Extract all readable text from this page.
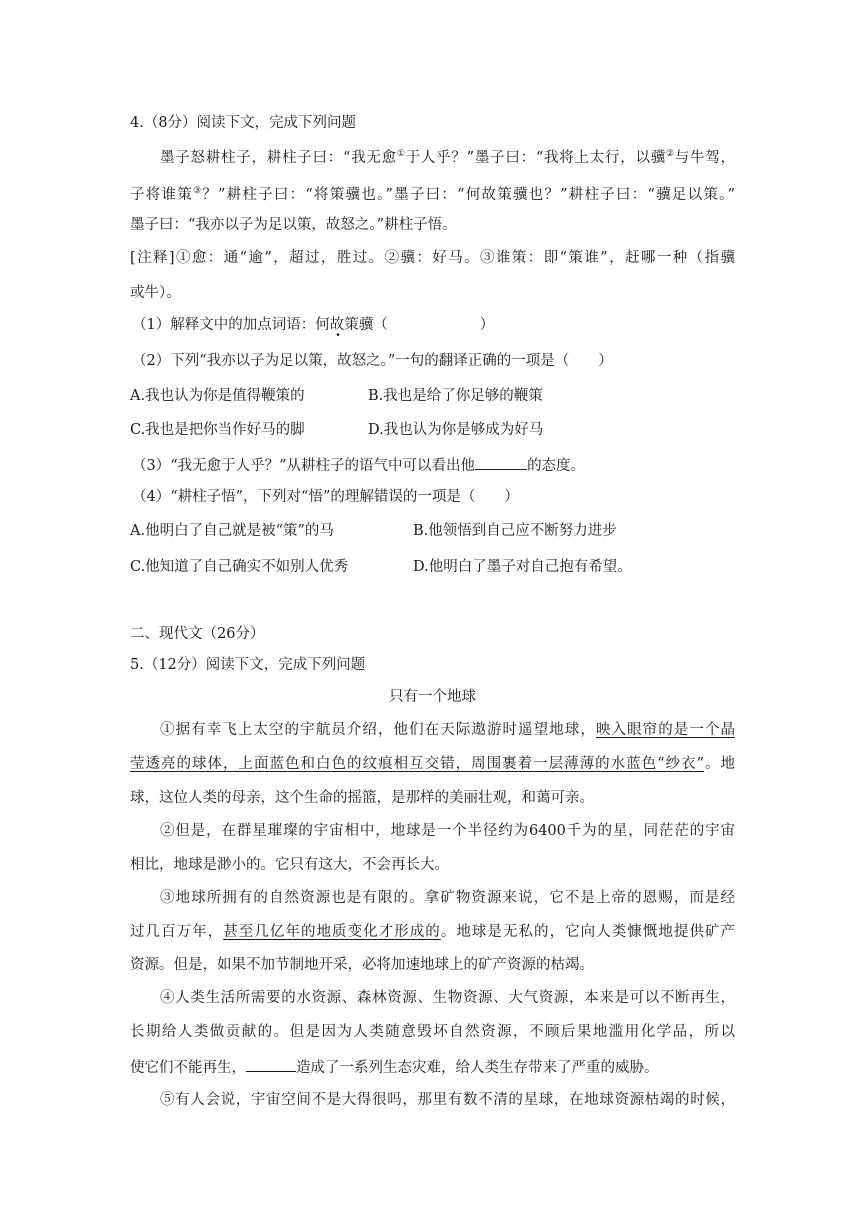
4.（8分）阅读下文，完成下列问题
墨子怒耕柱子，耕柱子曰：“我无愈①于人乎？”墨子曰：“我将上太行，以骥②与牛驾，
子将谁策③？”耕柱子曰：“将策骥也。”墨子曰：“何故策骥也？”耕柱子曰：“骥足以策。”
墨子曰：“我亦以子为足以策，故怒之。”耕柱子悟。
[注释]①愈：通“逾”，超过，胜过。②骥：好马。③谁策：即“策谁”，赶哪一种（指骥
或牛）。
（1）解释文中的加点词语：何故策骥（	）
（2）下列“我亦以子为足以策，故怒之。”一句的翻译正确的一项是（　　）
A.我也认为你是值得鞭策的	B.我也是给了你足够的鞭策
C.我也是把你当作好马的脚	D.我也认为你是够成为好马
（3）“我无愈于人乎？”从耕柱子的语气中可以看出他	的态度。
（4）“耕柱子悟”，下列对“悟”的理解错误的一项是（　　）
A.他明白了自己就是被“策”的马	B.他领悟到自己应不断努力进步
C.他知道了自己确实不如别人优秀	D.他明白了墨子对自己抱有希望。
二、现代文（26分）
5.（12分）阅读下文，完成下列问题
只有一个地球
①据有幸飞上太空的宇航员介绍，他们在天际遨游时遥望地球，映入眼帘的是一个晶
莹透亮的球体，上面蓝色和白色的纹痕相互交错，周围裹着一层薄薄的水蓝色“纱衣”。地
球，这位人类的母亲，这个生命的摇篮，是那样的美丽壮观，和蔼可亲。
②但是，在群星璀璨的宇宙相中，地球是一个半径约为6400千为的星，同茫茫的宇宙
相比，地球是渺小的。它只有这大，不会再长大。
③地球所拥有的自然资源也是有限的。拿矿物资源来说，它不是上帝的恩赐，而是经
过几百万年，甚至几亿年的地质变化才形成的。地球是无私的，它向人类慷慨地提供矿产
资源。但是，如果不加节制地开采，必将加速地球上的矿产资源的枯竭。
④人类生活所需要的水资源、森林资源、生物资源、大气资源，本来是可以不断再生，
长期给人类做贡献的。但是因为人类随意毁坏自然资源，不顾后果地滥用化学品，所以
使它们不能再生，	造成了一系列生态灾难，给人类生存带来了严重的威胁。
⑤有人会说，宇宙空间不是大得很吗，那里有数不清的星球，在地球资源枯竭的时候，
